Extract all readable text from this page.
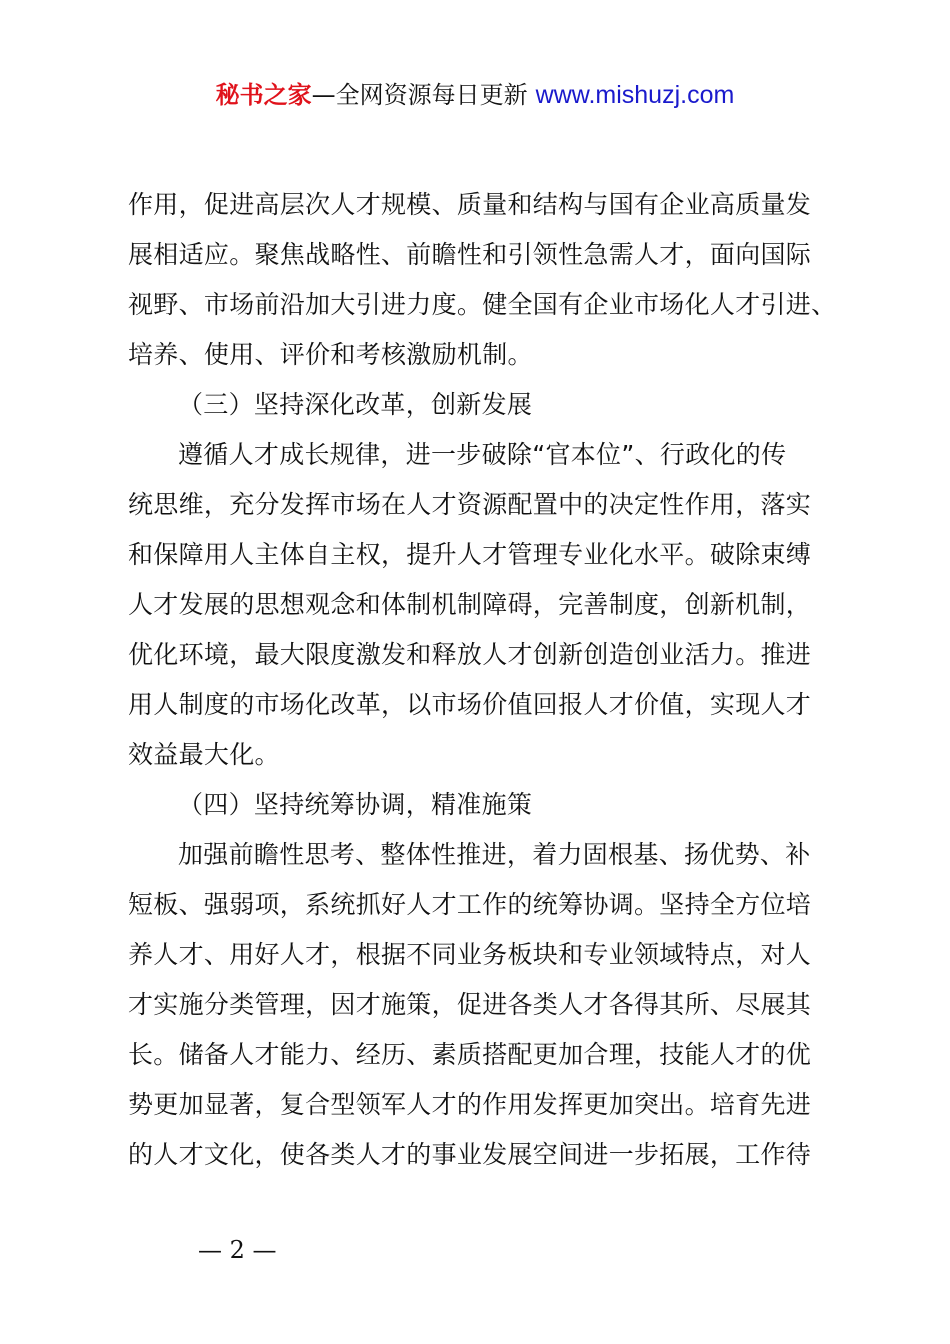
秘书之家—全网资源每日更新 www.mishuzj.com
作用，促进高层次人才规模、质量和结构与国有企业高质量发
展相适应。聚焦战略性、前瞻性和引领性急需人才，面向国际
视野、市场前沿加大引进力度。健全国有企业市场化人才引进、
培养、使用、评价和考核激励机制。
（三）坚持深化改革，创新发展
遵循人才成长规律，进一步破除“官本位”、行政化的传
统思维，充分发挥市场在人才资源配置中的决定性作用，落实
和保障用人主体自主权，提升人才管理专业化水平。破除束缚
人才发展的思想观念和体制机制障碍，完善制度，创新机制，
优化环境，最大限度激发和释放人才创新创造创业活力。推进
用人制度的市场化改革，以市场价值回报人才价值，实现人才
效益最大化。
（四）坚持统筹协调，精准施策
加强前瞻性思考、整体性推进，着力固根基、扬优势、补
短板、强弱项，系统抓好人才工作的统筹协调。坚持全方位培
养人才、用好人才，根据不同业务板块和专业领域特点，对人
才实施分类管理，因才施策，促进各类人才各得其所、尽展其
长。储备人才能力、经历、素质搭配更加合理，技能人才的优
势更加显著，复合型领军人才的作用发挥更加突出。培育先进
的人才文化，使各类人才的事业发展空间进一步拓展，工作待
— 2 —
